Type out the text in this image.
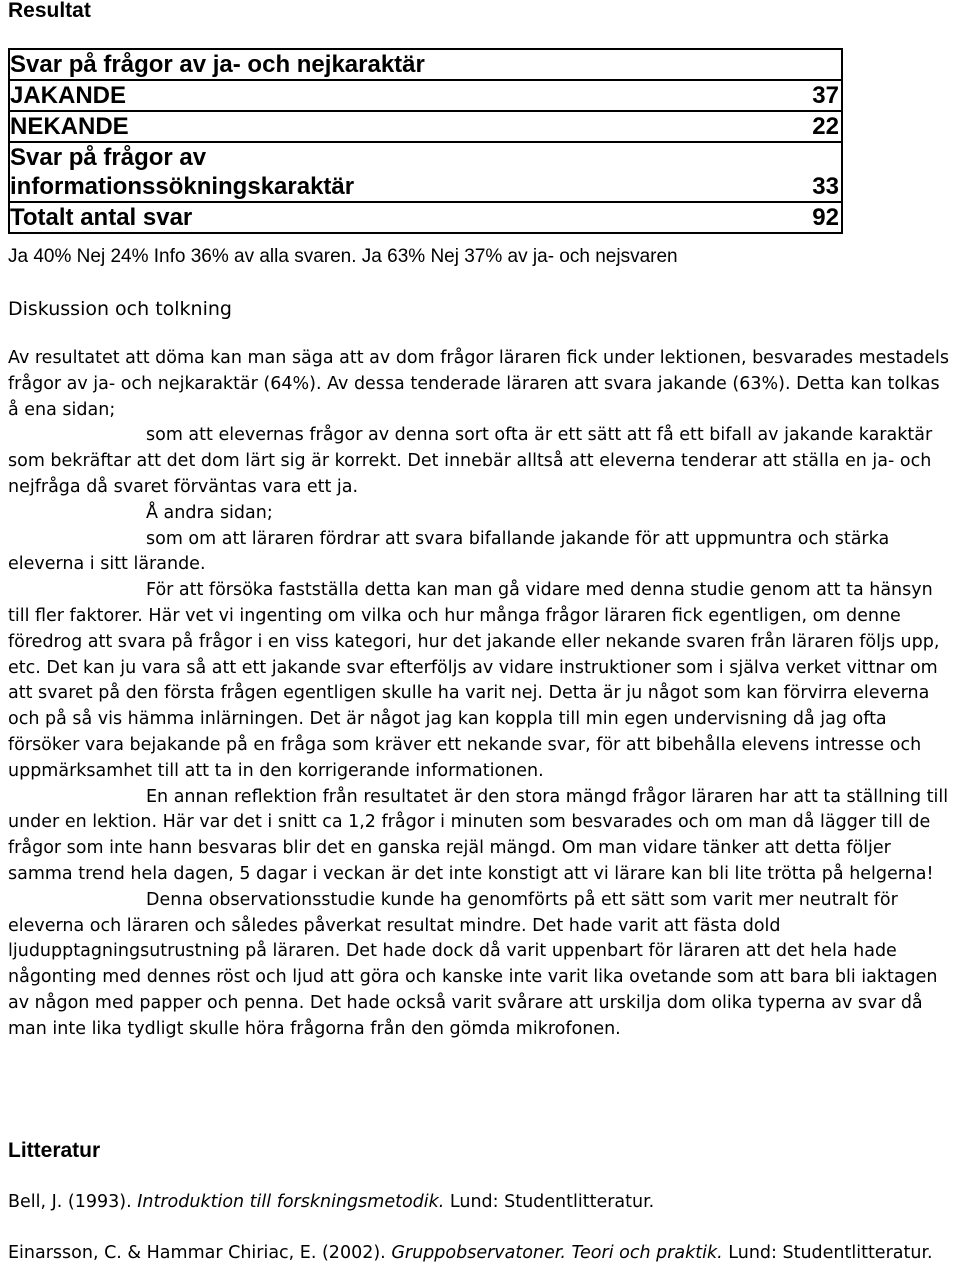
Resultat
Svar på frågor av ja- och nejkaraktär
JAKANDE	37
NEKANDE	22
Svar på frågor av
informationssökningskaraktär	33
Totalt antal svar	92
Ja 40% Nej 24% Info 36% av alla svaren. Ja 63% Nej 37% av ja- och nejsvaren
Diskussion och tolkning

Av resultatet att döma kan man säga att av dom frågor läraren fick under lektionen, besvarades mestadels frågor av ja- och nejkaraktär (64%). Av dessa tenderade läraren att svara jakande (63%). Detta kan tolkas å ena sidan;

som att elevernas frågor av denna sort ofta är ett sätt att få ett bifall av jakande karaktär som bekräftar att det dom lärt sig är korrekt. Det innebär alltså att eleverna tenderar att ställa en ja- och nejfråga då svaret förväntas vara ett ja.

Å andra sidan;

som om att läraren fördrar att svara bifallande jakande för att uppmuntra och stärka eleverna i sitt lärande.

För att försöka fastställa detta kan man gå vidare med denna studie genom att ta hänsyn till fler faktorer. Här vet vi ingenting om vilka och hur många frågor läraren fick egentligen, om denne föredrog att svara på frågor i en viss kategori, hur det jakande eller nekande svaren från läraren följs upp, etc. Det kan ju vara så att ett jakande svar efterföljs av vidare instruktioner som i själva verket vittnar om att svaret på den första frågen egentligen skulle ha varit nej. Detta är ju något som kan förvirra eleverna och på så vis hämma inlärningen. Det är något jag kan koppla till min egen undervisning då jag ofta försöker vara bejakande på en fråga som kräver ett nekande svar, för att bibehålla elevens intresse och uppmärksamhet till att ta in den korrigerande informationen.

En annan reflektion från resultatet är den stora mängd frågor läraren har att ta ställning till under en lektion. Här var det i snitt ca 1,2 frågor i minuten som besvarades och om man då lägger till de frågor som inte hann besvaras blir det en ganska rejäl mängd. Om man vidare tänker att detta följer samma trend hela dagen, 5 dagar i veckan är det inte konstigt att vi lärare kan bli lite trötta på helgerna!

Denna observationsstudie kunde ha genomförts på ett sätt som varit mer neutralt för eleverna och läraren och således påverkat resultat mindre. Det hade varit att fästa dold ljudupptagningsutrustning på läraren. Det hade dock då varit uppenbart för läraren att det hela hade någonting med dennes röst och ljud att göra och kanske inte varit lika ovetande som att bara bli iaktagen av någon med papper och penna. Det hade också varit svårare att urskilja dom olika typerna av svar då man inte lika tydligt skulle höra frågorna från den gömda mikrofonen.

Litteratur
Bell, J. (1993). Introduktion till forskningsmetodik. Lund: Studentlitteratur.
Einarsson, C. & Hammar Chiriac, E. (2002). Gruppobservatoner. Teori och praktik. Lund: Studentlitteratur.
